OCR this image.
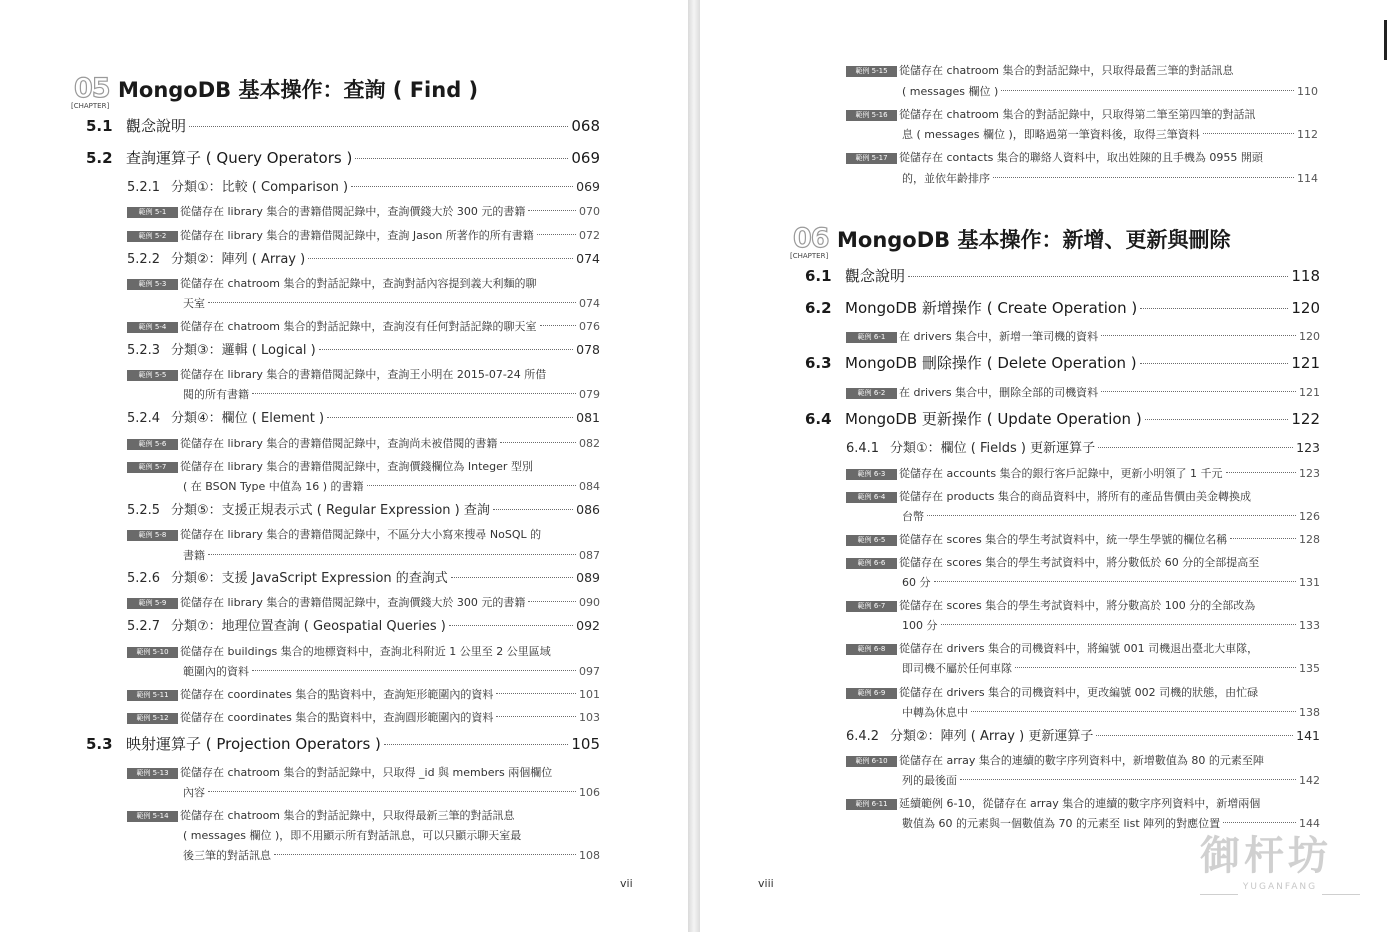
05
[CHAPTER]
MongoDB 基本操作：查詢 ( Find )
5.1 觀念說明	068
5.2 查詢運算子 ( Query Operators )	069
5.2.1 分類①：比較 ( Comparison )	069
範例 5-1	從儲存在 library 集合的書籍借閱記錄中，查詢價錢大於 300 元的書籍	070
範例 5-2	從儲存在 library 集合的書籍借閱記錄中，查詢 Jason 所著作的所有書籍	072
5.2.2 分類②：陣列 ( Array )	074
範例 5-3	從儲存在 chatroom 集合的對話記錄中，查詢對話內容提到義大利麵的聊
天室	074
範例 5-4	從儲存在 chatroom 集合的對話記錄中，查詢沒有任何對話記錄的聊天室	076
5.2.3 分類③：邏輯 ( Logical )	078
範例 5-5	從儲存在 library 集合的書籍借閱記錄中，查詢王小明在 2015-07-24 所借
閱的所有書籍	079
5.2.4 分類④：欄位 ( Element )	081
範例 5-6	從儲存在 library 集合的書籍借閱記錄中，查詢尚未被借閱的書籍	082
範例 5-7	從儲存在 library 集合的書籍借閱記錄中，查詢價錢欄位為 Integer 型別
( 在 BSON Type 中值為 16 ) 的書籍	084
5.2.5 分類⑤：支援正規表示式 ( Regular Expression ) 查詢	086
範例 5-8	從儲存在 library 集合的書籍借閱記錄中，不區分大小寫來搜尋 NoSQL 的
書籍	087
5.2.6 分類⑥：支援 JavaScript Expression 的查詢式	089
範例 5-9	從儲存在 library 集合的書籍借閱記錄中，查詢價錢大於 300 元的書籍	090
5.2.7 分類⑦：地理位置查詢 ( Geospatial Queries )	092
範例 5-10	從儲存在 buildings 集合的地標資料中，查詢北科附近 1 公里至 2 公里區域
範圍內的資料	097
範例 5-11	從儲存在 coordinates 集合的點資料中，查詢矩形範圍內的資料	101
範例 5-12	從儲存在 coordinates 集合的點資料中，查詢圓形範圍內的資料	103
5.3 映射運算子 ( Projection Operators )	105
範例 5-13	從儲存在 chatroom 集合的對話記錄中，只取得 _id 與 members 兩個欄位
內容	106
範例 5-14	從儲存在 chatroom 集合的對話記錄中，只取得最新三筆的對話訊息
( messages 欄位 )，即不用顯示所有對話訊息，可以只顯示聊天室最
後三筆的對話訊息	108
vii
範例 5-15	從儲存在 chatroom 集合的對話記錄中，只取得最舊三筆的對話訊息
( messages 欄位 )	110
範例 5-16	從儲存在 chatroom 集合的對話記錄中，只取得第二筆至第四筆的對話訊
息 ( messages 欄位 )，即略過第一筆資料後，取得三筆資料	112
範例 5-17	從儲存在 contacts 集合的聯絡人資料中，取出姓陳的且手機為 0955 開頭
的，並依年齡排序	114
06
[CHAPTER]
MongoDB 基本操作：新增、更新與刪除
6.1 觀念說明	118
6.2 MongoDB 新增操作 ( Create Operation )	120
範例 6-1	在 drivers 集合中，新增一筆司機的資料	120
6.3 MongoDB 刪除操作 ( Delete Operation )	121
範例 6-2	在 drivers 集合中，刪除全部的司機資料	121
6.4 MongoDB 更新操作 ( Update Operation )	122
6.4.1 分類①：欄位 ( Fields ) 更新運算子	123
範例 6-3	從儲存在 accounts 集合的銀行客戶記錄中，更新小明領了 1 千元	123
範例 6-4	從儲存在 products 集合的商品資料中，將所有的產品售價由美金轉換成
台幣	126
範例 6-5	從儲存在 scores 集合的學生考試資料中，統一學生學號的欄位名稱	128
範例 6-6	從儲存在 scores 集合的學生考試資料中，將分數低於 60 分的全部提高至
60 分	131
範例 6-7	從儲存在 scores 集合的學生考試資料中，將分數高於 100 分的全部改為
100 分	133
範例 6-8	從儲存在 drivers 集合的司機資料中，將編號 001 司機退出臺北大車隊，
即司機不屬於任何車隊	135
範例 6-9	從儲存在 drivers 集合的司機資料中，更改編號 002 司機的狀態，由忙碌
中轉為休息中	138
6.4.2 分類②：陣列 ( Array ) 更新運算子	141
範例 6-10	從儲存在 array 集合的連續的數字序列資料中，新增數值為 80 的元素至陣
列的最後面	142
範例 6-11	延續範例 6-10，從儲存在 array 集合的連續的數字序列資料中，新增兩個
數值為 60 的元素與一個數值為 70 的元素至 list 陣列的對應位置	144
viii
御杆坊
YUGANFANG
